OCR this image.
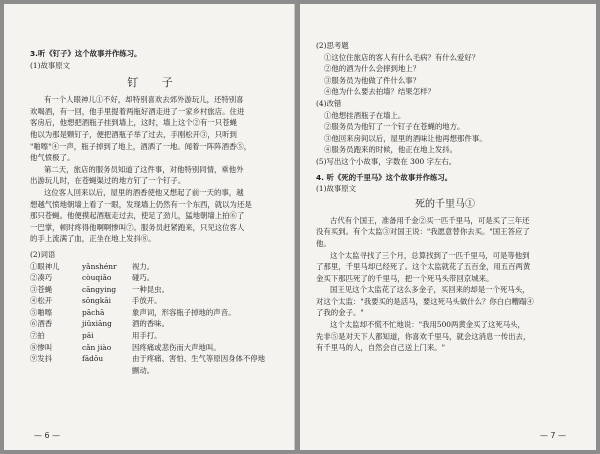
3.听《钉子》这个故事并作练习。
(1)故事原文
钉 子
有一个人眼神儿①不好，却特别喜欢去郊外游玩儿，还特别喜
欢喝酒，有一回，他手里提着两瓶好酒走进了一家乡村旅店。住进
客房后，他想把酒瓶子挂到墙上，这时，墙上这个②有一只苍蝇
他以为那是颗钉子，便把酒瓶子举了过去，手刚松开③，只听到
"啪嚓"④一声，瓶子掉到了地上，酒洒了一地。闻着一阵阵酒香⑤，
他气愤极了。
第二天，旅店的服务员知道了这件事，对他特别同情，乘他外
出游玩儿时，在苍蝇渠过的地方钉了一个钉子。
这位客人回来以后，屋里的酒香使他又想起了前一天的事，越
想越气愤地朝墙上看了一眼，发现墙上仍然有一个东西，就以为还是
那只苍蝇。他便摸起酒瓶走过去，使足了劲儿，猛地朝墙上拍⑥了
一巴掌，顿时疼得他啊啊惨叫⑦。服务员赶紧跑来，只见这位客人
的手上流满了血，正坐在地上发抖⑧。
(2)词语
①眼神儿	yǎnshénr	视力。
②凑巧	còuqiǎo	碰巧。
③苍蝇	cāngying	一种昆虫。
④松开	sōngkāi	手放开。
⑤啪嚓	pāchā	象声词，形容瓶子掉地的声音。
⑥酒香	jiǔxiāng	酒的香味。
⑦拍	pāi	用手打。
⑧惨叫	cǎn jiào	因疼痛或悲伤而大声地叫。
⑨发抖	fādǒu	由于疼痛、害怕、生气等原因身体不停地
颤动。
— 6 —
(2)思考题
①这位住旅店的客人有什么毛病？有什么爱好？
②他的酒为什么会摔到地上？
③服务员为他做了件什么事？
④他为什么要去拍墙？结果怎样？
(4)改错
①他想挂酒瓶子在墙上。
②服务员为他钉了一个钉子在苍蝇的地方。
③他回来房间以后，屋里的酒味让他再想那件事。
④服务员跑来的时候，他正在地上发抖。
(5)写出这个小故事，字数在 300 字左右。
4. 听《死的千里马》这个故事并作练习。
(1)故事原文
死的千里马①
古代有个国王，准备用千金②买一匹千里马，可是买了三年还
没有买到。有个太监③对国王说："我愿意替你去买。"国王答应了
他。
这个太监寻找了三个月，总算找到了一匹千里马，可是等他到
了那里，千里马却已经死了。这个太监就花了五百金，用五百两黄
金买下那匹死了的千里马，把一个死马头带回京城来。
国王见这个太监花了这么多金子，买回来的却是一个死马头，
对这个太监："我要买的是活马，要这死马头做什么？你白白糟蹋④
了我的金子。"
这个太监却不慌不忙地说："我用500两黄金买了这死马头，
先非⑤是对天下人都知道，你喜欢千里马，就会这消息一传出去，
有千里马的人，自然会自己送上门来。"
— 7 —
